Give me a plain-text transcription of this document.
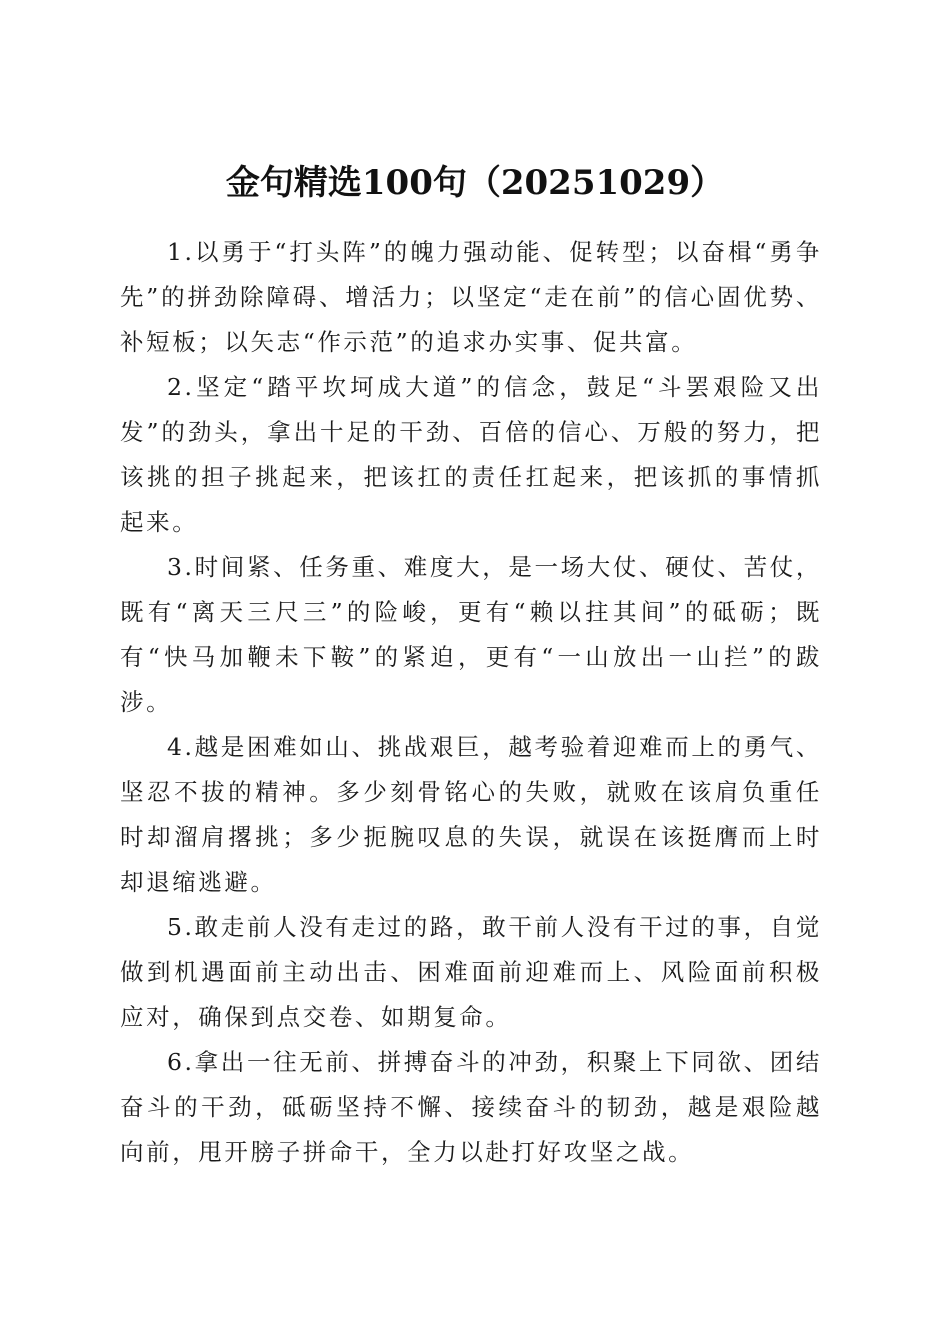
金句精选100句（20251029）

1.以勇于“打头阵”的魄力强动能、促转型；以奋楫“勇争先”的拼劲除障碍、增活力；以坚定“走在前”的信心固优势、补短板；以矢志“作示范”的追求办实事、促共富。

2.坚定“踏平坎坷成大道”的信念，鼓足“斗罢艰险又出发”的劲头，拿出十足的干劲、百倍的信心、万般的努力，把该挑的担子挑起来，把该扛的责任扛起来，把该抓的事情抓起来。

3.时间紧、任务重、难度大，是一场大仗、硬仗、苦仗，既有“离天三尺三”的险峻，更有“赖以拄其间”的砥砺；既有“快马加鞭未下鞍”的紧迫，更有“一山放出一山拦”的跋涉。

4.越是困难如山、挑战艰巨，越考验着迎难而上的勇气、坚忍不拔的精神。多少刻骨铭心的失败，就败在该肩负重任时却溜肩撂挑；多少扼腕叹息的失误，就误在该挺膺而上时却退缩逃避。

5.敢走前人没有走过的路，敢干前人没有干过的事，自觉做到机遇面前主动出击、困难面前迎难而上、风险面前积极应对，确保到点交卷、如期复命。

6.拿出一往无前、拼搏奋斗的冲劲，积聚上下同欲、团结奋斗的干劲，砥砺坚持不懈、接续奋斗的韧劲，越是艰险越向前，甩开膀子拼命干，全力以赴打好攻坚之战。
